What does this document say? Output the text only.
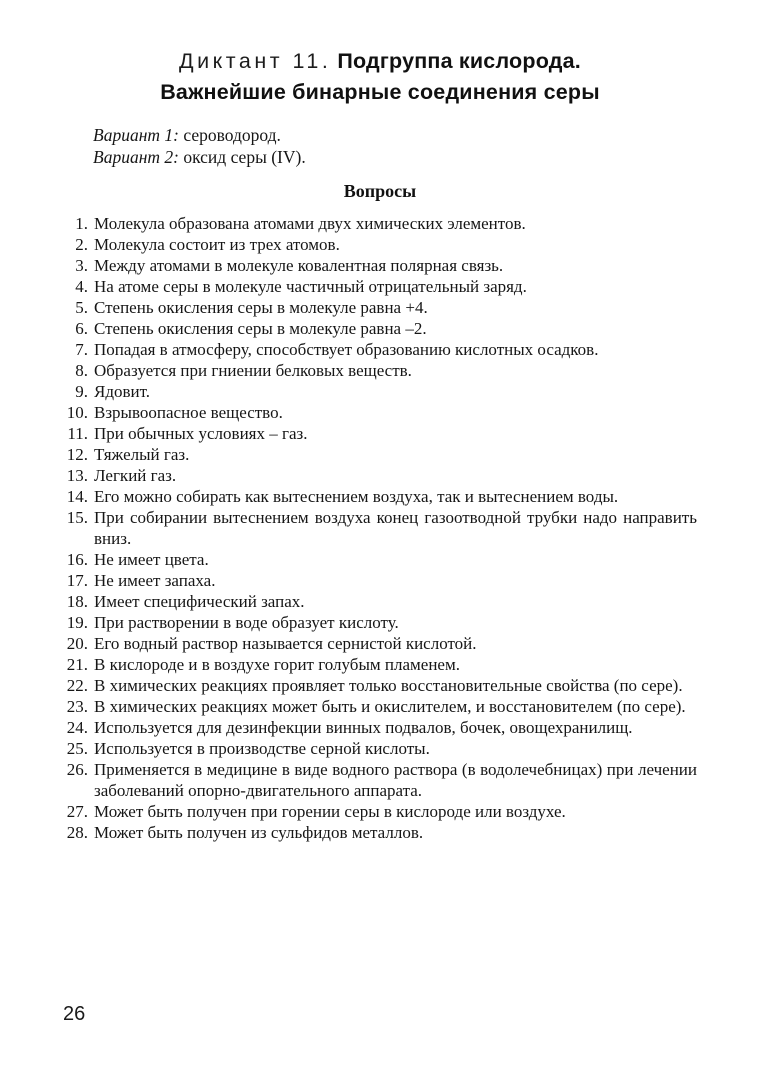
Диктант 11. Подгруппа кислорода.
Важнейшие бинарные соединения серы
Вариант 1: сероводород.
Вариант 2: оксид серы (IV).
Вопросы
1. Молекула образована атомами двух химических элементов.
2. Молекула состоит из трех атомов.
3. Между атомами в молекуле ковалентная полярная связь.
4. На атоме серы в молекуле частичный отрицательный заряд.
5. Степень окисления серы в молекуле равна +4.
6. Степень окисления серы в молекуле равна –2.
7. Попадая в атмосферу, способствует образованию кислотных осадков.
8. Образуется при гниении белковых веществ.
9. Ядовит.
10. Взрывоопасное вещество.
11. При обычных условиях – газ.
12. Тяжелый газ.
13. Легкий газ.
14. Его можно собирать как вытеснением воздуха, так и вытеснением воды.
15. При собирании вытеснением воздуха конец газоотводной трубки надо направить вниз.
16. Не имеет цвета.
17. Не имеет запаха.
18. Имеет специфический запах.
19. При растворении в воде образует кислоту.
20. Его водный раствор называется сернистой кислотой.
21. В кислороде и в воздухе горит голубым пламенем.
22. В химических реакциях проявляет только восстановительные свойства (по сере).
23. В химических реакциях может быть и окислителем, и восстановителем (по сере).
24. Используется для дезинфекции винных подвалов, бочек, овощехранилищ.
25. Используется в производстве серной кислоты.
26. Применяется в медицине в виде водного раствора (в водолечебницах) при лечении заболеваний опорно-двигательного аппарата.
27. Может быть получен при горении серы в кислороде или воздухе.
28. Может быть получен из сульфидов металлов.
26
